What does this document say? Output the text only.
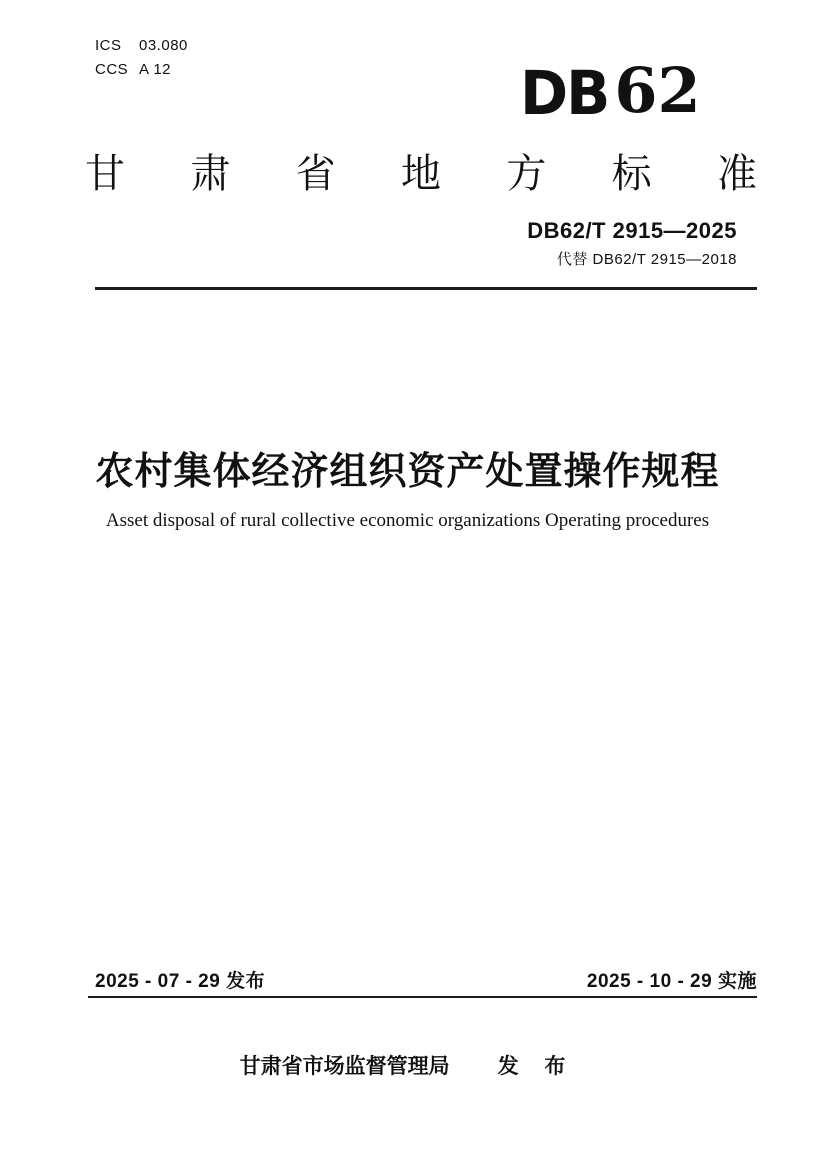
ICS	03.080
CCS A 12	DB 62
甘肃省地方标准
DB62/T 2915—2025
代替 DB62/T 2915—2018
农村集体经济组织资产处置操作规程
Asset disposal of rural collective economic organizations Operating procedures
2025 - 07 - 29 发布	2025 - 10 - 29 实施
甘肃省市场监督管理局 发 布
